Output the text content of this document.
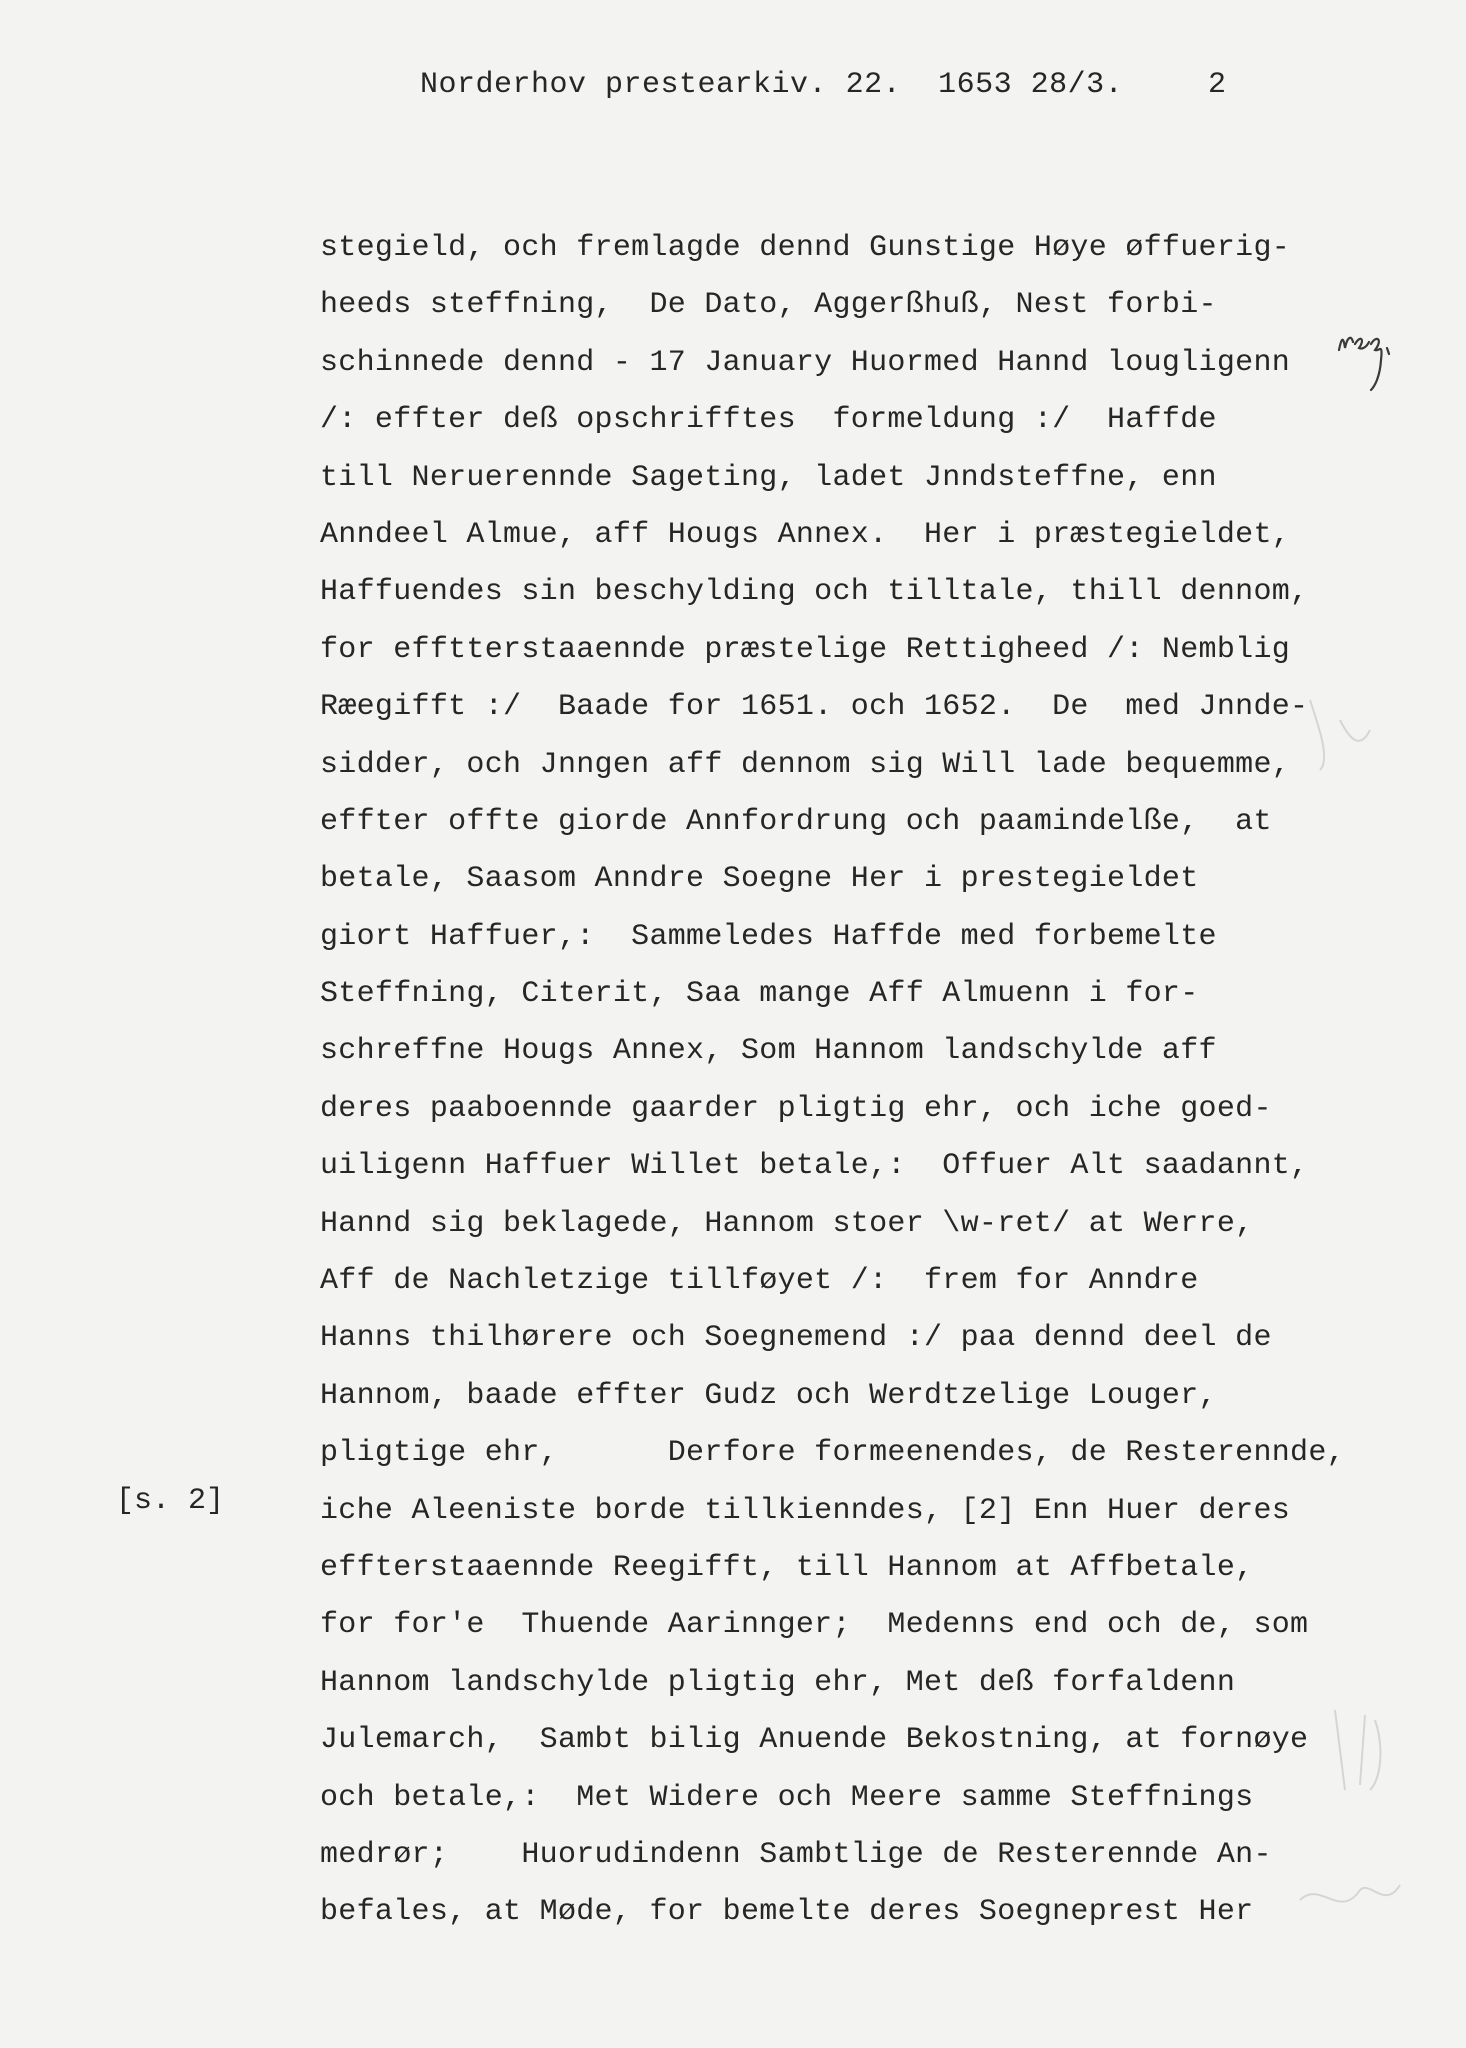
Norderhov prestearkiv. 22.  1653 28/3.	2
[s. 2]
stegield, och fremlagde dennd Gunstige Høye øffuerig-
heeds steffning,  De Dato, Aggerßhuß, Nest forbi-
schinnede dennd - 17 January Huormed Hannd lougligenn
/: effter deß opschrifftes  formeldung :/  Haffde
till Neruerennde Sageting, ladet Jnndsteffne, enn
Anndeel Almue, aff Hougs Annex.  Her i præstegieldet,
Haffuendes sin beschylding och tilltale, thill dennom,
for efftterstaaennde præstelige Rettigheed /: Nemblig
Ræegifft :/  Baade for 1651. och 1652.  De  med Jnnde-
sidder, och Jnngen aff dennom sig Will lade bequemme,
effter offte giorde Annfordrung och paamindelße,  at
betale, Saasom Anndre Soegne Her i prestegieldet
giort Haffuer,:  Sammeledes Haffde med forbemelte
Steffning, Citerit, Saa mange Aff Almuenn i for-
schreffne Hougs Annex, Som Hannom landschylde aff
deres paaboennde gaarder pligtig ehr, och iche goed-
uiligenn Haffuer Willet betale,:  Offuer Alt saadannt,
Hannd sig beklagede, Hannom stoer \w-ret/ at Werre,
Aff de Nachletzige tillføyet /:  frem for Anndre
Hanns thilhørere och Soegnemend :/ paa dennd deel de
Hannom, baade effter Gudz och Werdtzelige Louger,
pligtige ehr,      Derfore formeenendes, de Resterennde,
iche Aleeniste borde tillkienndes, [2] Enn Huer deres
effterstaaennde Reegifft, till Hannom at Affbetale,
for for'e  Thuende Aarinnger;  Medenns end och de, som
Hannom landschylde pligtig ehr, Met deß forfaldenn
Julemarch,  Sambt bilig Anuende Bekostning, at fornøye
och betale,:  Met Widere och Meere samme Steffnings
medrør;    Huorudindenn Sambtlige de Resterennde An-
befales, at Møde, for bemelte deres Soegneprest Her
